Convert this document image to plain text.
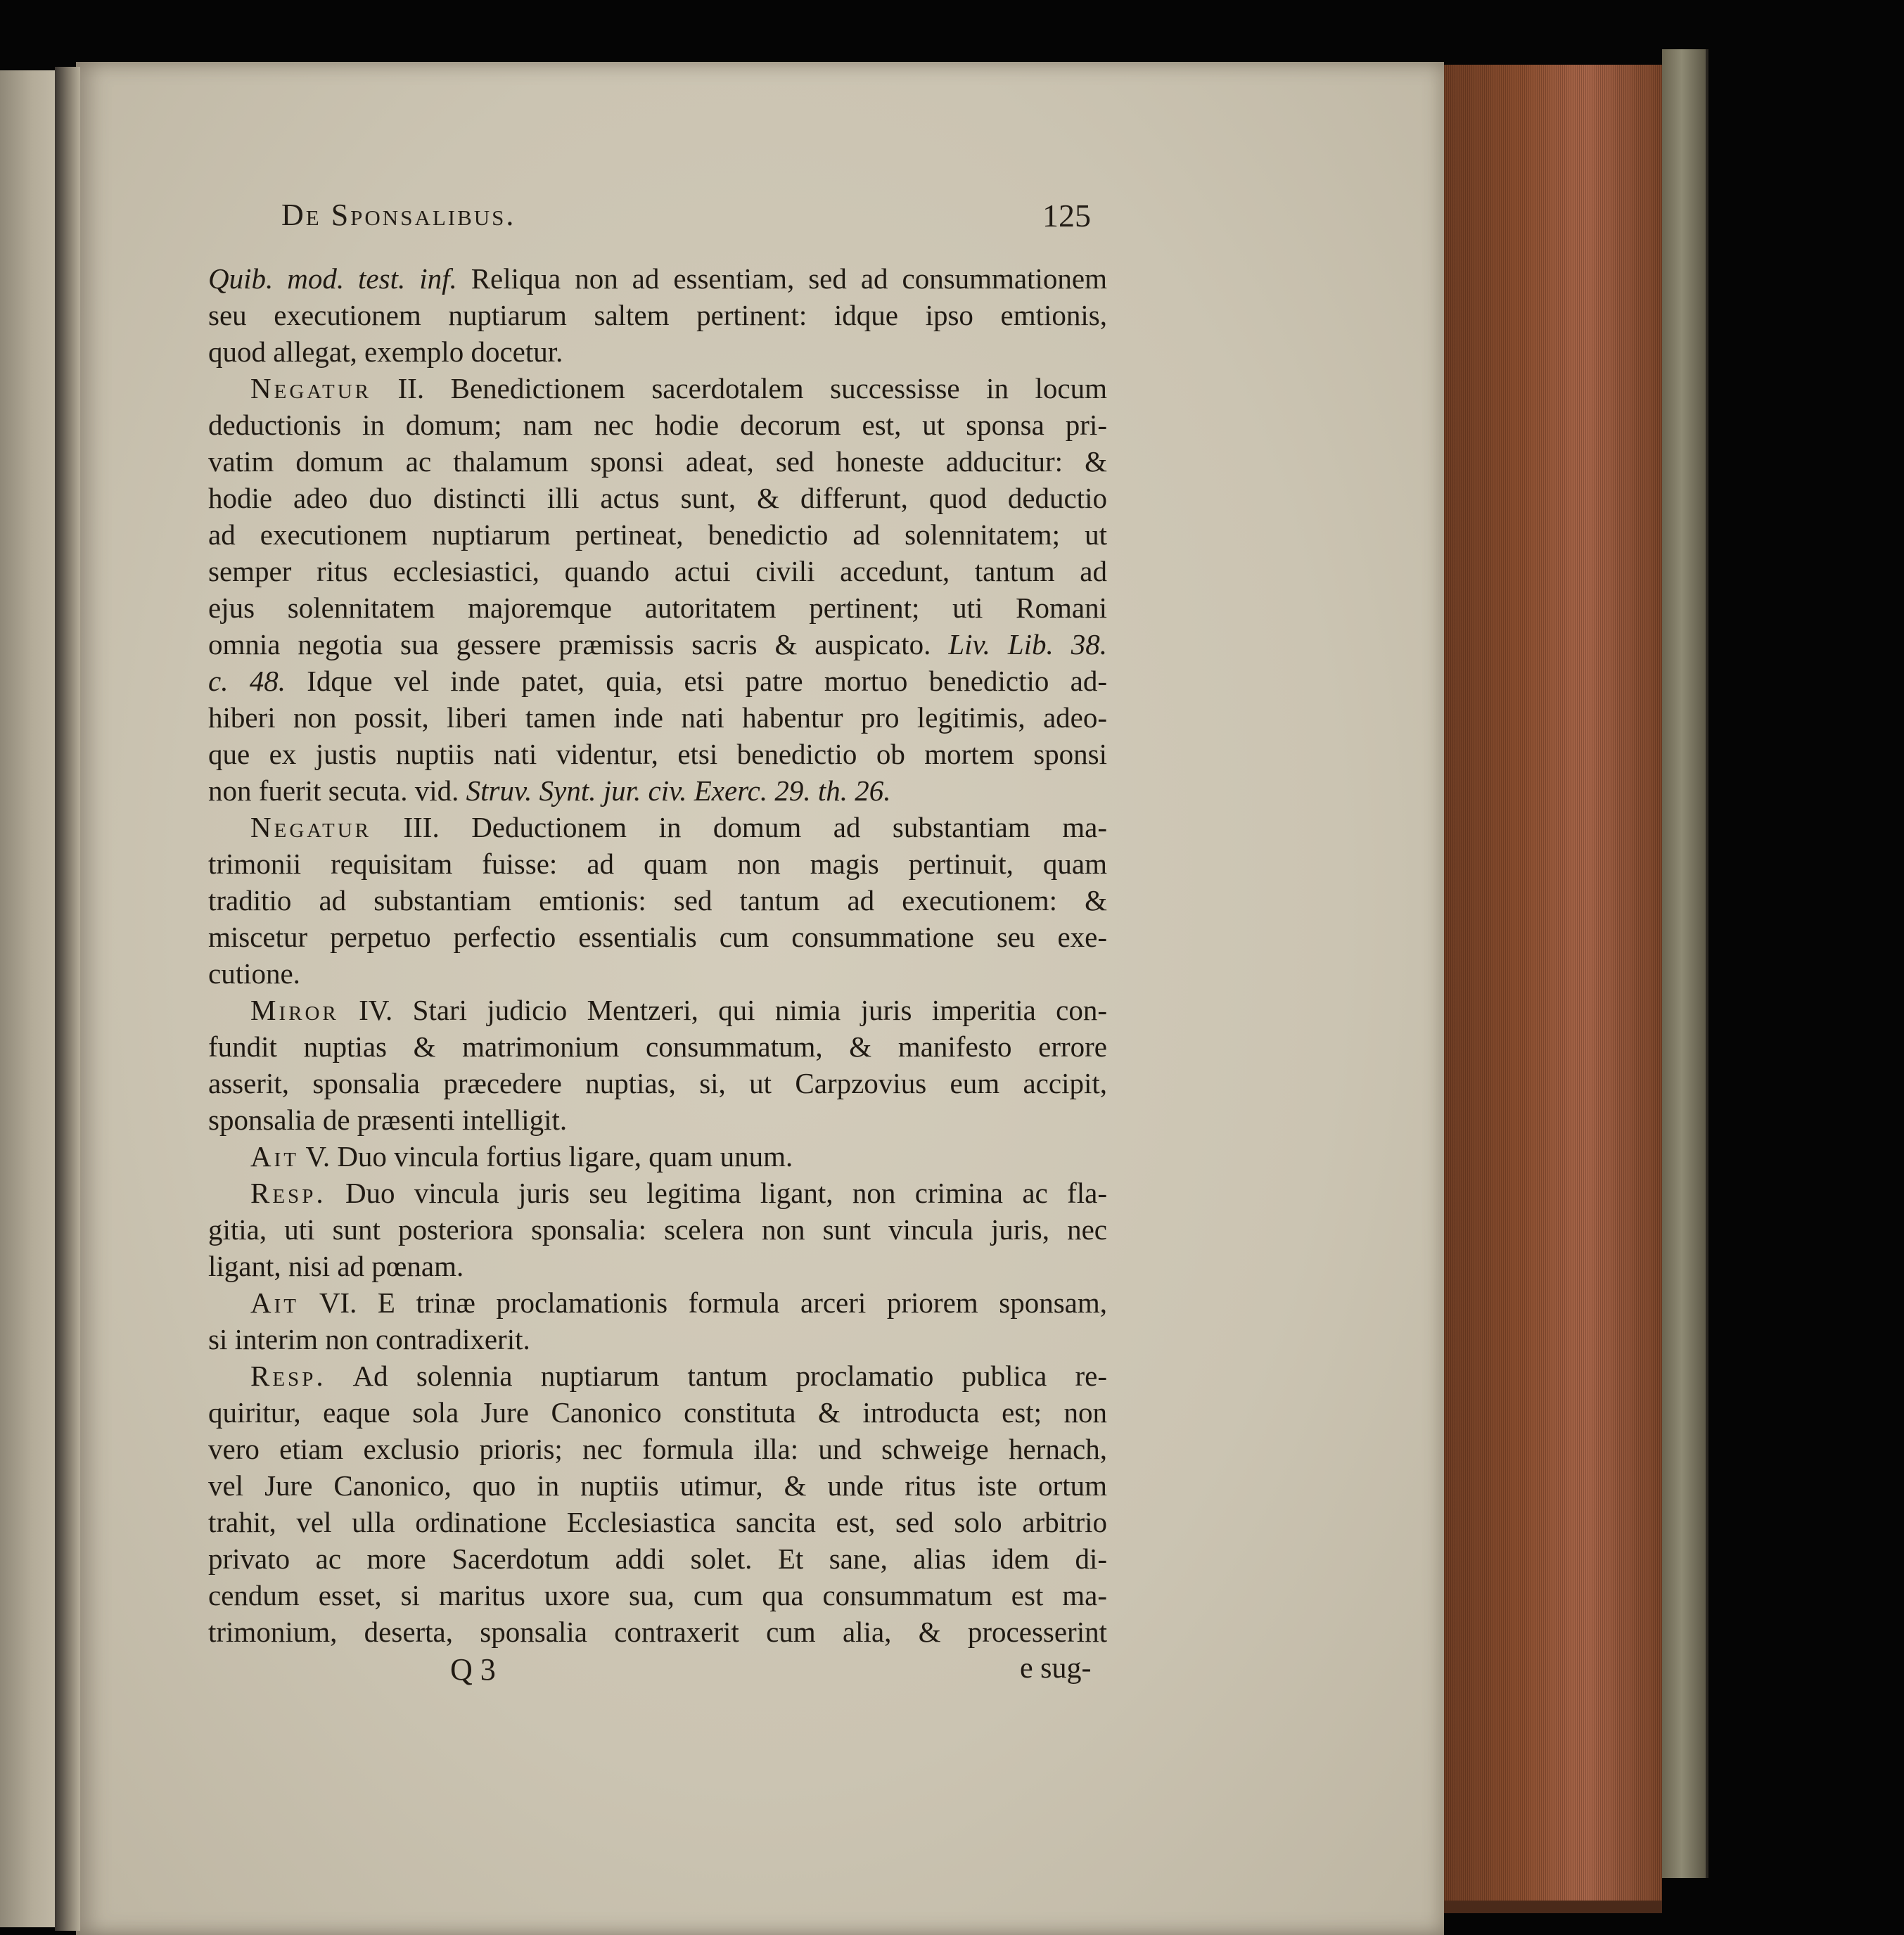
De Sponsalibus.	125
Quib. mod. test. inf. Reliqua non ad essentiam, sed ad consummationem
seu executionem nuptiarum saltem pertinent: idque ipso emtionis,
quod allegat, exemplo docetur.
Negatur II. Benedictionem sacerdotalem successisse in locum
deductionis in domum; nam nec hodie decorum est, ut sponsa pri-
vatim domum ac thalamum sponsi adeat, sed honeste adducitur: &
hodie adeo duo distincti illi actus sunt, & differunt, quod deductio
ad executionem nuptiarum pertineat, benedictio ad solennitatem; ut
semper ritus ecclesiastici, quando actui civili accedunt, tantum ad
ejus solennitatem majoremque autoritatem pertinent; uti Romani
omnia negotia sua gessere præmissis sacris & auspicato. Liv. Lib. 38.
c. 48. Idque vel inde patet, quia, etsi patre mortuo benedictio ad-
hiberi non possit, liberi tamen inde nati habentur pro legitimis, adeo-
que ex justis nuptiis nati videntur, etsi benedictio ob mortem sponsi
non fuerit secuta. vid. Struv. Synt. jur. civ. Exerc. 29. th. 26.
Negatur III. Deductionem in domum ad substantiam ma-
trimonii requisitam fuisse: ad quam non magis pertinuit, quam
traditio ad substantiam emtionis: sed tantum ad executionem: &
miscetur perpetuo perfectio essentialis cum consummatione seu exe-
cutione.
Miror IV. Stari judicio Mentzeri, qui nimia juris imperitia con-
fundit nuptias & matrimonium consummatum, & manifesto errore
asserit, sponsalia præcedere nuptias, si, ut Carpzovius eum accipit,
sponsalia de præsenti intelligit.
Ait V. Duo vincula fortius ligare, quam unum.
Resp. Duo vincula juris seu legitima ligant, non crimina ac fla-
gitia, uti sunt posteriora sponsalia: scelera non sunt vincula juris, nec
ligant, nisi ad pœnam.
Ait VI. E trinæ proclamationis formula arceri priorem sponsam,
si interim non contradixerit.
Resp. Ad solennia nuptiarum tantum proclamatio publica re-
quiritur, eaque sola Jure Canonico constituta & introducta est; non
vero etiam exclusio prioris; nec formula illa: und schweige hernach,
vel Jure Canonico, quo in nuptiis utimur, & unde ritus iste ortum
trahit, vel ulla ordinatione Ecclesiastica sancita est, sed solo arbitrio
privato ac more Sacerdotum addi solet. Et sane, alias idem di-
cendum esset, si maritus uxore sua, cum qua consummatum est ma-
trimonium, deserta, sponsalia contraxerit cum alia, & processerint
Q 3	e sug-
